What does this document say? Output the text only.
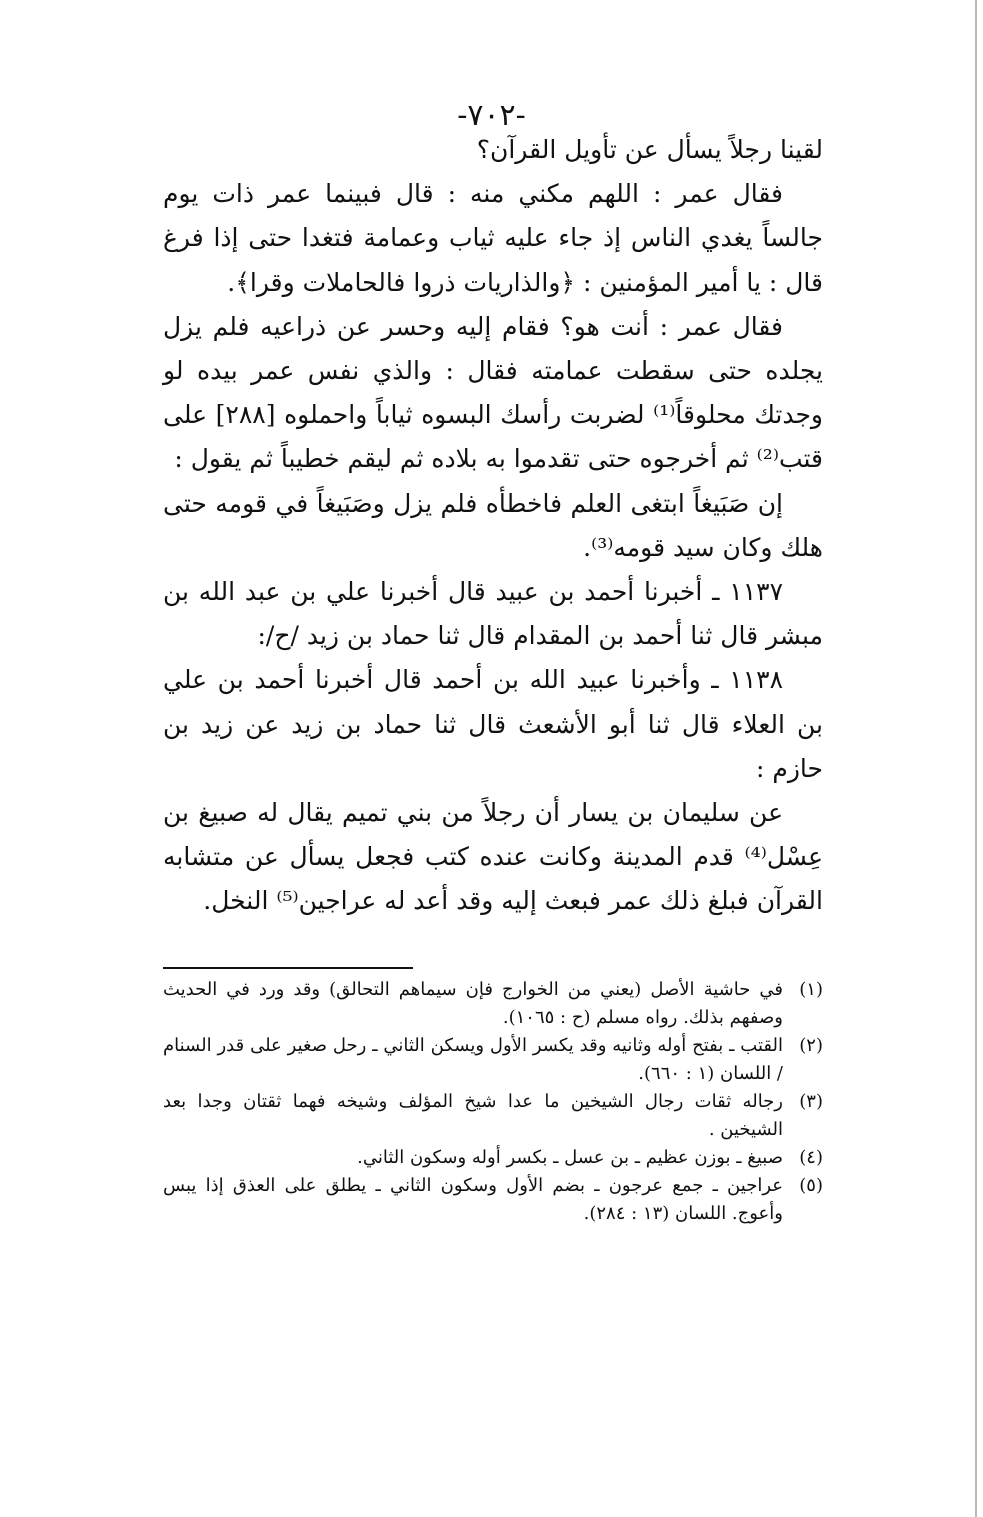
-٧٠٢-

لقينا رجلاً يسأل عن تأويل القرآن؟

فقال عمر : اللهم مكني منه : قال فبينما عمر ذات يوم جالساً يغدي الناس إذ جاء عليه ثياب وعمامة فتغدا حتى إذا فرغ قال : يا أمير المؤمنين : ﴿والذاريات ذروا فالحاملات وقرا﴾.

فقال عمر : أنت هو؟ فقام إليه وحسر عن ذراعيه فلم يزل يجلده حتى سقطت عمامته فقال : والذي نفس عمر بيده لو وجدتك محلوقاً⁽¹⁾ لضربت رأسك البسوه ثياباً واحملوه [٢٨٨] على قتب⁽²⁾ ثم أخرجوه حتى تقدموا به بلاده ثم ليقم خطيباً ثم يقول :

إن صَبَيغاً ابتغى العلم فاخطأه فلم يزل وصَبَيغاً في قومه حتى هلك وكان سيد قومه⁽³⁾.

١١٣٧ ـ أخبرنا أحمد بن عبيد قال أخبرنا علي بن عبد الله بن مبشر قال ثنا أحمد بن المقدام قال ثنا حماد بن زيد /ح/:

١١٣٨ ـ وأخبرنا عبيد الله بن أحمد قال أخبرنا أحمد بن علي بن العلاء قال ثنا أبو الأشعث قال ثنا حماد بن زيد عن زيد بن حازم :

عن سليمان بن يسار أن رجلاً من بني تميم يقال له صبيغ بن عِسْل⁽⁴⁾ قدم المدينة وكانت عنده كتب فجعل يسأل عن متشابه القرآن فبلغ ذلك عمر فبعث إليه وقد أعد له عراجين⁽⁵⁾ النخل.

(١)
في حاشية الأصل (يعني من الخوارج فإن سيماهم التحالق) وقد ورد في الحديث وصفهم بذلك. رواه مسلم (ح : ١٠٦٥).
(٢)
القتب ـ بفتح أوله وثانيه وقد يكسر الأول ويسكن الثاني ـ رحل صغير على قدر السنام / اللسان (١ : ٦٦٠).
(٣)
رجاله ثقات رجال الشيخين ما عدا شيخ المؤلف وشيخه فهما ثقتان وجدا بعد الشيخين .
(٤)
صبيغ ـ بوزن عظيم ـ بن عسل ـ بكسر أوله وسكون الثاني.
(٥)
عراجين ـ جمع عرجون ـ بضم الأول وسكون الثاني ـ يطلق على العذق إذا يبس وأعوج. اللسان (١٣ : ٢٨٤).
